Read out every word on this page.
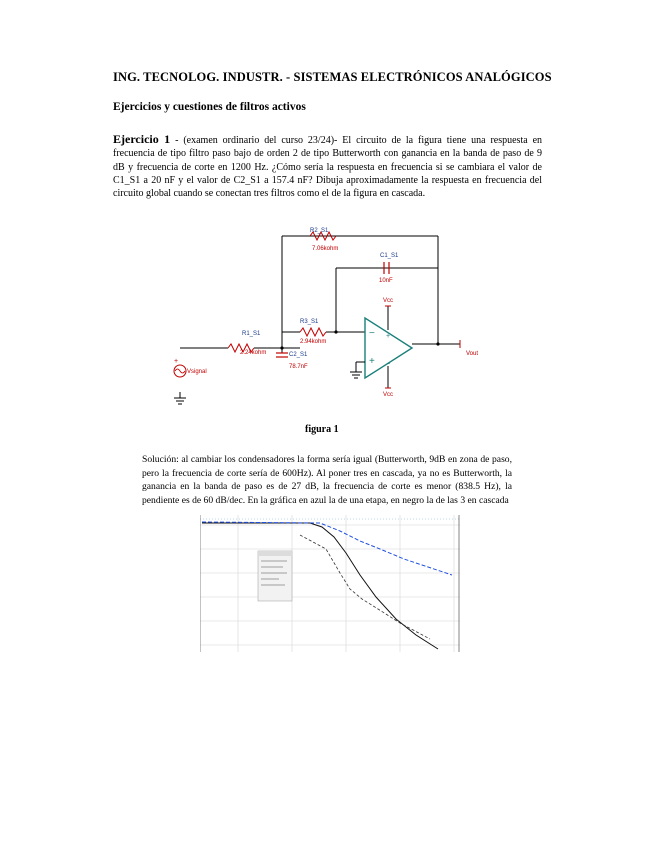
ING. TECNOLOG. INDUSTR. - SISTEMAS ELECTRÓNICOS ANALÓGICOS
Ejercicios y cuestiones de filtros activos
Ejercicio 1 - (examen ordinario del curso 23/24)- El circuito de la figura tiene una respuesta en frecuencia de tipo filtro paso bajo de orden 2 de tipo Butterworth con ganancia en la banda de paso de 9 dB y frecuencia de corte en 1200 Hz. ¿Cómo sería la respuesta en frecuencia si se cambiara el valor de C1_S1 a 20 nF y el valor de C2_S1 a 157.4 nF? Dibuja aproximadamente la respuesta en frecuencia del circuito global cuando se conectan tres filtros como el de la figura en cascada.
−
+
+
−
+
R2_S1
7.06kohm
C1_S1
10nF
R1_S1
2.24kohm
R3_S1
2.94kohm
C2_S1
78.7nF
Vcc
Vcc
Vout
Vsignal
figura 1
Solución: al cambiar los condensadores la forma sería igual (Butterworth, 9dB en zona de paso, pero la frecuencia de corte sería de 600Hz). Al poner tres en cascada, ya no es Butterworth, la ganancia en la banda de paso es de 27 dB, la frecuencia de corte es menor (838.5 Hz), la pendiente es de 60 dB/dec. En la gráfica en azul la de una etapa, en negro la de las 3 en cascada
